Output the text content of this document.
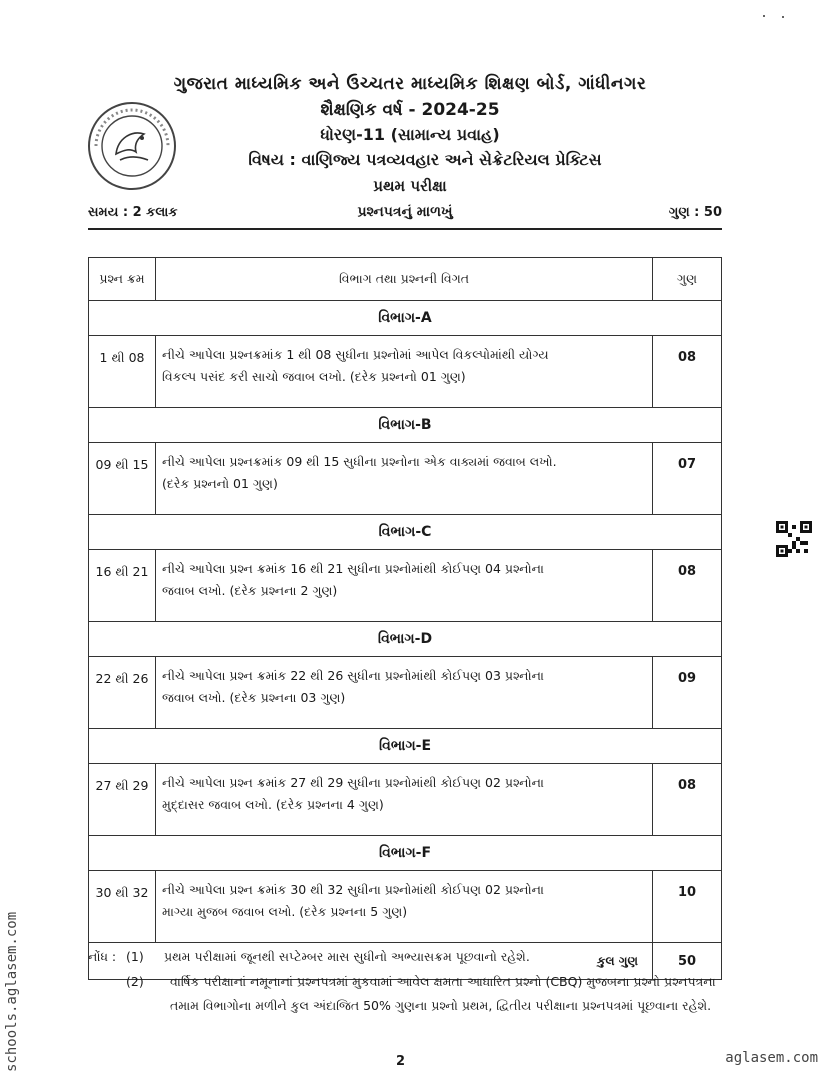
ગુજરાત માધ્યમિક અને ઉચ્ચતર માધ્યમિક શિક્ષણ બોર્ડ, ગાંધીનગર
શૈક્ષણિક વર્ષ - 2024-25
ધોરણ-11 (સામાન્ય પ્રવાહ)
વિષય : વાણિજ્ય પત્રવ્યવહાર અને સેક્રેટરિયલ પ્રેક્ટિસ
પ્રથમ પરીક્ષા
સમય : 2 કલાક	પ્રશ્નપત્રનું માળખું	ગુણ : 50
પ્રશ્ન ક્રમ	વિભાગ તથા પ્રશ્નની વિગત	ગુણ
વિભાગ-A		
1 થી 08	નીચે આપેલા પ્રશ્નક્રમાંક 1 થી 08 સુધીના પ્રશ્નોમાં આપેલ વિકલ્પોમાંથી યોગ્ય
વિકલ્પ પસંદ કરી સાચો જવાબ લખો. (દરેક પ્રશ્નનો 01 ગુણ)	08
વિભાગ-B		
09 થી 15	નીચે આપેલા પ્રશ્નક્રમાંક 09 થી 15 સુધીના પ્રશ્નોના એક વાક્યમાં જવાબ લખો.
(દરેક પ્રશ્નનો 01 ગુણ)	07
વિભાગ-C		
16 થી 21	નીચે આપેલા પ્રશ્ન ક્રમાંક 16 થી 21 સુધીના પ્રશ્નોમાંથી કોઈપણ 04 પ્રશ્નોના
જવાબ લખો. (દરેક પ્રશ્નના 2 ગુણ)	08
વિભાગ-D		
22 થી 26	નીચે આપેલા પ્રશ્ન ક્રમાંક 22 થી 26 સુધીના પ્રશ્નોમાંથી કોઈપણ 03 પ્રશ્નોના
જવાબ લખો. (દરેક પ્રશ્નના 03 ગુણ)	09
વિભાગ-E		
27 થી 29	નીચે આપેલા પ્રશ્ન ક્રમાંક 27 થી 29 સુધીના પ્રશ્નોમાંથી કોઈપણ 02 પ્રશ્નોના
મુદ્દાસર જવાબ લખો. (દરેક પ્રશ્નના 4 ગુણ)	08
વિભાગ-F		
30 થી 32	નીચે આપેલા પ્રશ્ન ક્રમાંક 30 થી 32 સુધીના પ્રશ્નોમાંથી કોઈપણ 02 પ્રશ્નોના
માગ્યા મુજબ જવાબ લખો. (દરેક પ્રશ્નના 5 ગુણ)	10
કુલ ગુણ		50
નોંધ : (1) પ્રથમ પરીક્ષામાં જૂનથી સપ્ટેમ્બર માસ સુધીનો અભ્યાસક્રમ પૂછવાનો રહેશે.
(2) વાર્ષિક પરીક્ષાનાં નમૂનાનાં પ્રશ્નપત્રમાં મુકવામાં આવેલ ક્ષમતા આધારિત પ્રશ્નો (CBQ) મુજબના પ્રશ્નો પ્રશ્નપત્રના તમામ વિભાગોના મળીને કુલ અંદાજિત 50% ગુણના પ્રશ્નો પ્રથમ, દ્વિતીય પરીક્ષાના પ્રશ્નપત્રમાં પૂછવાના રહેશે.
2
schools.aglasem.com	aglasem.com
